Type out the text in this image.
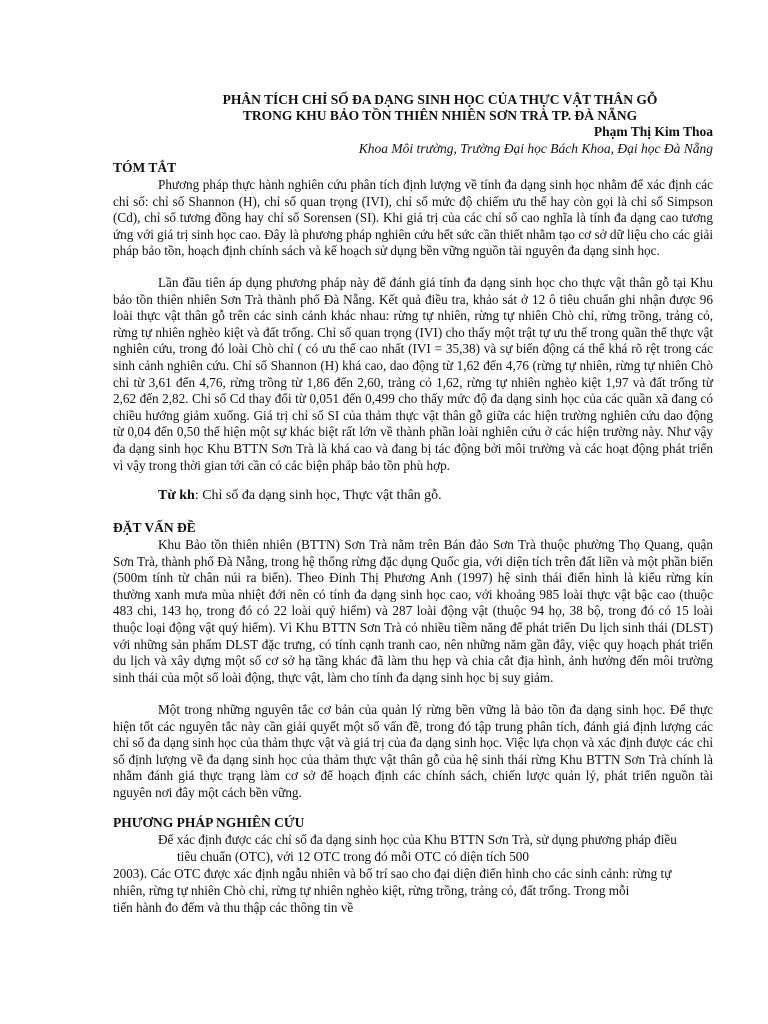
PHÂN TÍCH CHỈ SỐ ĐA DẠNG SINH HỌC CỦA THỰC VẬT THÂN GỖ

TRONG KHU BẢO TỒN THIÊN NHIÊN SƠN TRÀ TP. ĐÀ NẴNG

Phạm Thị Kim Thoa

Khoa Môi trường, Trường Đại học Bách Khoa, Đại học Đà Nẵng

TÓM TẮT

Phương pháp thực hành nghiên cứu phân tích định lượng về tính đa dạng sinh học nhằm để xác định các chỉ số: chỉ số Shannon (H), chỉ số quan trọng (IVI), chỉ số mức độ chiếm ưu thế hay còn gọi là chỉ số Simpson (Cd), chỉ số tương đồng hay chỉ số Sorensen (SI). Khi giá trị của các chỉ số cao nghĩa là tính đa dạng cao tương ứng với giá trị sinh học cao. Đây là phương pháp nghiên cứu hết sức cần thiết nhằm tạo cơ sở dữ liệu cho các giải pháp bảo tồn, hoạch định chính sách và kế hoạch sử dụng bền vững nguồn tài nguyên đa dạng sinh học.

Lần đầu tiên áp dụng phương pháp này để đánh giá tính đa dạng sinh học cho thực vật thân gỗ tại Khu bảo tồn thiên nhiên Sơn Trà thành phố Đà Nẵng. Kết quả điều tra, khảo sát ở 12 ô tiêu chuẩn ghi nhận được 96 loài thực vật thân gỗ trên các sinh cảnh khác nhau: rừng tự nhiên, rừng tự nhiên Chò chỉ, rừng trồng, trảng cỏ, rừng tự nhiên nghèo kiệt và đất trống. Chỉ số quan trọng (IVI) cho thấy một trật tự ưu thế trong quần thể thực vật nghiên cứu, trong đó loài Chò chỉ ( có ưu thế cao nhất (IVI = 35,38) và sự biến động cá thể khá rõ rệt trong các sinh cảnh nghiên cứu. Chỉ số Shannon (H) khá cao, dao động từ 1,62 đến 4,76 (rừng tự nhiên, rừng tự nhiên Chò chỉ từ 3,61 đến 4,76, rừng trồng từ 1,86 đến 2,60, trảng cỏ 1,62, rừng tự nhiên nghèo kiệt 1,97 và đất trống từ 2,62 đến 2,82. Chỉ số Cd thay đổi từ 0,051 đến 0,499 cho thấy mức độ đa dạng sinh học của các quần xã đang có chiều hướng giảm xuống. Giá trị chỉ số SI của thảm thực vật thân gỗ giữa các hiện trường nghiên cứu dao động từ 0,04 đến 0,50 thể hiện một sự khác biệt rất lớn về thành phần loài nghiên cứu ở các hiện trường này. Như vậy đa dạng sinh học Khu BTTN Sơn Trà là khá cao và đang bị tác động bởi môi trường và các hoạt động phát triển vì vậy trong thời gian tới cần có các biện pháp bảo tồn phù hợp.

Từ kh: Chỉ số đa dạng sinh học, Thực vật thân gỗ.

ĐẶT VẤN ĐỀ

Khu Bảo tồn thiên nhiên (BTTN) Sơn Trà nằm trên Bán đảo Sơn Trà thuộc phường Thọ Quang, quận Sơn Trà, thành phố Đà Nẵng, trong hệ thống rừng đặc dụng Quốc gia, với diện tích trên đất liền và một phần biển (500m tính từ chân núi ra biển). Theo Đinh Thị Phương Anh (1997) hệ sinh thái điển hình là kiểu rừng kín thường xanh mưa mùa nhiệt đới nên có tính đa dạng sinh học cao, với khoảng 985 loài thực vật bậc cao (thuộc 483 chi, 143 họ, trong đó có 22 loài quý hiếm) và 287 loài động vật (thuộc 94 họ, 38 bộ, trong đó có 15 loài thuộc loại động vật quý hiếm). Vì Khu BTTN Sơn Trà có nhiều tiềm năng để phát triển Du lịch sinh thái (DLST) với những sản phẩm DLST đặc trưng, có tính cạnh tranh cao, nên những năm gần đây, việc quy hoạch phát triển du lịch và xây dựng một số cơ sở hạ tầng khác đã làm thu hẹp và chia cắt địa hình, ảnh hưởng đến môi trường sinh thái của một số loài động, thực vật, làm cho tính đa dạng sinh học bị suy giảm.

Một trong những nguyên tắc cơ bản của quản lý rừng bền vững là bảo tồn đa dạng sinh học. Để thực hiện tốt các nguyên tắc này cần giải quyết một số vấn đề, trong đó tập trung phân tích, đánh giá định lượng các chỉ số đa dạng sinh học của thảm thực vật và giá trị của đa dạng sinh học. Việc lựa chọn và xác định được các chỉ số định lượng về đa dạng sinh học của thảm thực vật thân gỗ của hệ sinh thái rừng Khu BTTN Sơn Trà chính là nhằm đánh giá thực trạng làm cơ sở để hoạch định các chính sách, chiến lược quản lý, phát triển nguồn tài nguyên nơi đây một cách bền vững.

PHƯƠNG PHÁP NGHIÊN CỨU

Để xác định được các chỉ số đa dạng sinh học của Khu BTTN Sơn Trà, sử dụng phương pháp điều

tiêu chuẩn (OTC), với 12 OTC trong đó mỗi OTC có diện tích 500

2003). Các OTC được xác định ngẫu nhiên và bố trí sao cho đại diện điển hình cho các sinh cảnh: rừng tự

nhiên, rừng tự nhiên Chò chỉ, rừng tự nhiên nghèo kiệt, rừng trồng, trảng cỏ, đất trống. Trong mỗi

tiến hành đo đếm và thu thập các thông tin về
